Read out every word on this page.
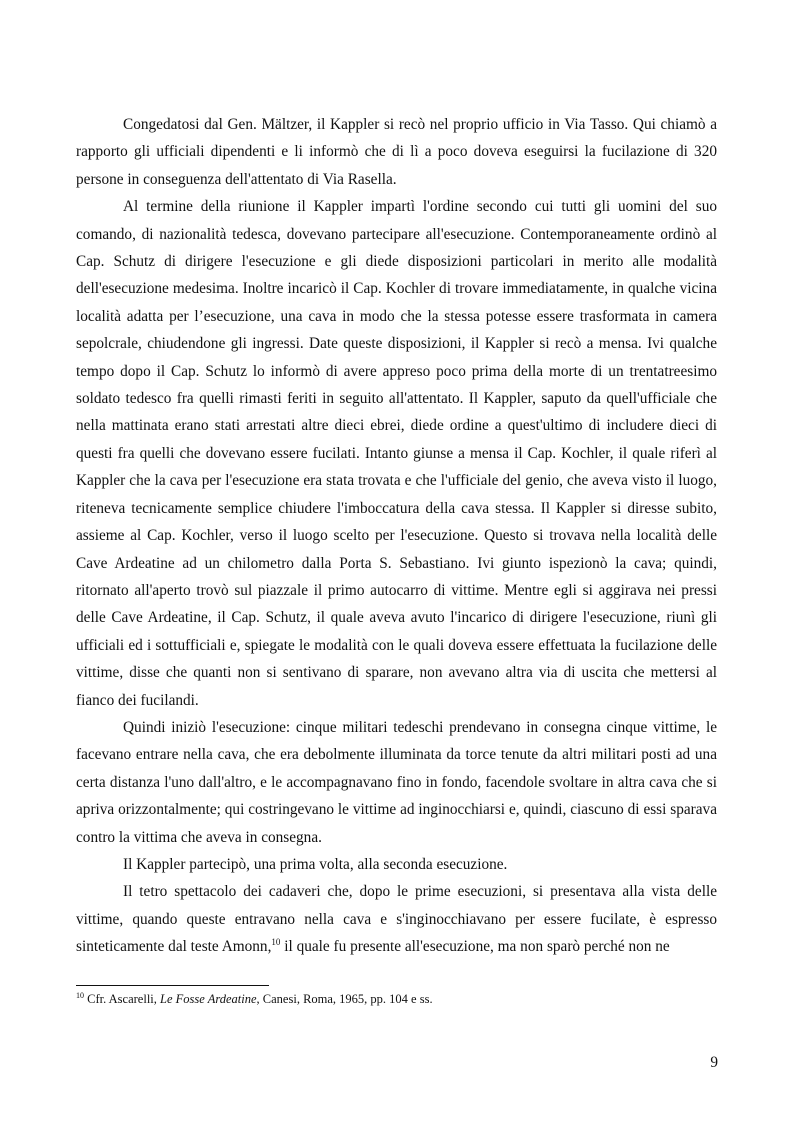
Congedatosi dal Gen. Mältzer, il Kappler si recò nel proprio ufficio in Via Tasso. Qui chiamò a rapporto gli ufficiali dipendenti e li informò che di lì a poco doveva eseguirsi la fucilazione di 320 persone in conseguenza dell'attentato di Via Rasella.

Al termine della riunione il Kappler impartì l'ordine secondo cui tutti gli uomini del suo comando, di nazionalità tedesca, dovevano partecipare all'esecuzione. Contemporaneamente ordinò al Cap. Schutz di dirigere l'esecuzione e gli diede disposizioni particolari in merito alle modalità dell'esecuzione medesima. Inoltre incaricò il Cap. Kochler di trovare immediatamente, in qualche vicina località adatta per l’esecuzione, una cava in modo che la stessa potesse essere trasformata in camera sepolcrale, chiudendone gli ingressi. Date queste disposizioni, il Kappler si recò a mensa. Ivi qualche tempo dopo il Cap. Schutz lo informò di avere appreso poco prima della morte di un trentatreesimo soldato tedesco fra quelli rimasti feriti in seguito all'attentato. Il Kappler, saputo da quell'ufficiale che nella mattinata erano stati arrestati altre dieci ebrei, diede ordine a quest'ultimo di includere dieci di questi fra quelli che dovevano essere fucilati. Intanto giunse a mensa il Cap. Kochler, il quale riferì al Kappler che la cava per l'esecuzione era stata trovata e che l'ufficiale del genio, che aveva visto il luogo, riteneva tecnicamente semplice chiudere l'imboccatura della cava stessa. Il Kappler si diresse subito, assieme al Cap. Kochler, verso il luogo scelto per l'esecuzione. Questo si trovava nella località delle Cave Ardeatine ad un chilometro dalla Porta S. Sebastiano. Ivi giunto ispezionò la cava; quindi, ritornato all'aperto trovò sul piazzale il primo autocarro di vittime. Mentre egli si aggirava nei pressi delle Cave Ardeatine, il Cap. Schutz, il quale aveva avuto l'incarico di dirigere l'esecuzione, riunì gli ufficiali ed i sottufficiali e, spiegate le modalità con le quali doveva essere effettuata la fucilazione delle vittime, disse che quanti non si sentivano di sparare, non avevano altra via di uscita che mettersi al fianco dei fucilandi.

Quindi iniziò l'esecuzione: cinque militari tedeschi prendevano in consegna cinque vittime, le facevano entrare nella cava, che era debolmente illuminata da torce tenute da altri militari posti ad una certa distanza l'uno dall'altro, e le accompagnavano fino in fondo, facendole svoltare in altra cava che si apriva orizzontalmente; qui costringevano le vittime ad inginocchiarsi e, quindi, ciascuno di essi sparava contro la vittima che aveva in consegna.

Il Kappler partecipò, una prima volta, alla seconda esecuzione.

Il tetro spettacolo dei cadaveri che, dopo le prime esecuzioni, si presentava alla vista delle vittime, quando queste entravano nella cava e s'inginocchiavano per essere fucilate, è espresso sinteticamente dal teste Amonn,$^{10}$ il quale fu presente all'esecuzione, ma non sparò perché non ne

$^{10}$ Cfr. Ascarelli, Le Fosse Ardeatine, Canesi, Roma, 1965, pp. 104 e ss.
9
